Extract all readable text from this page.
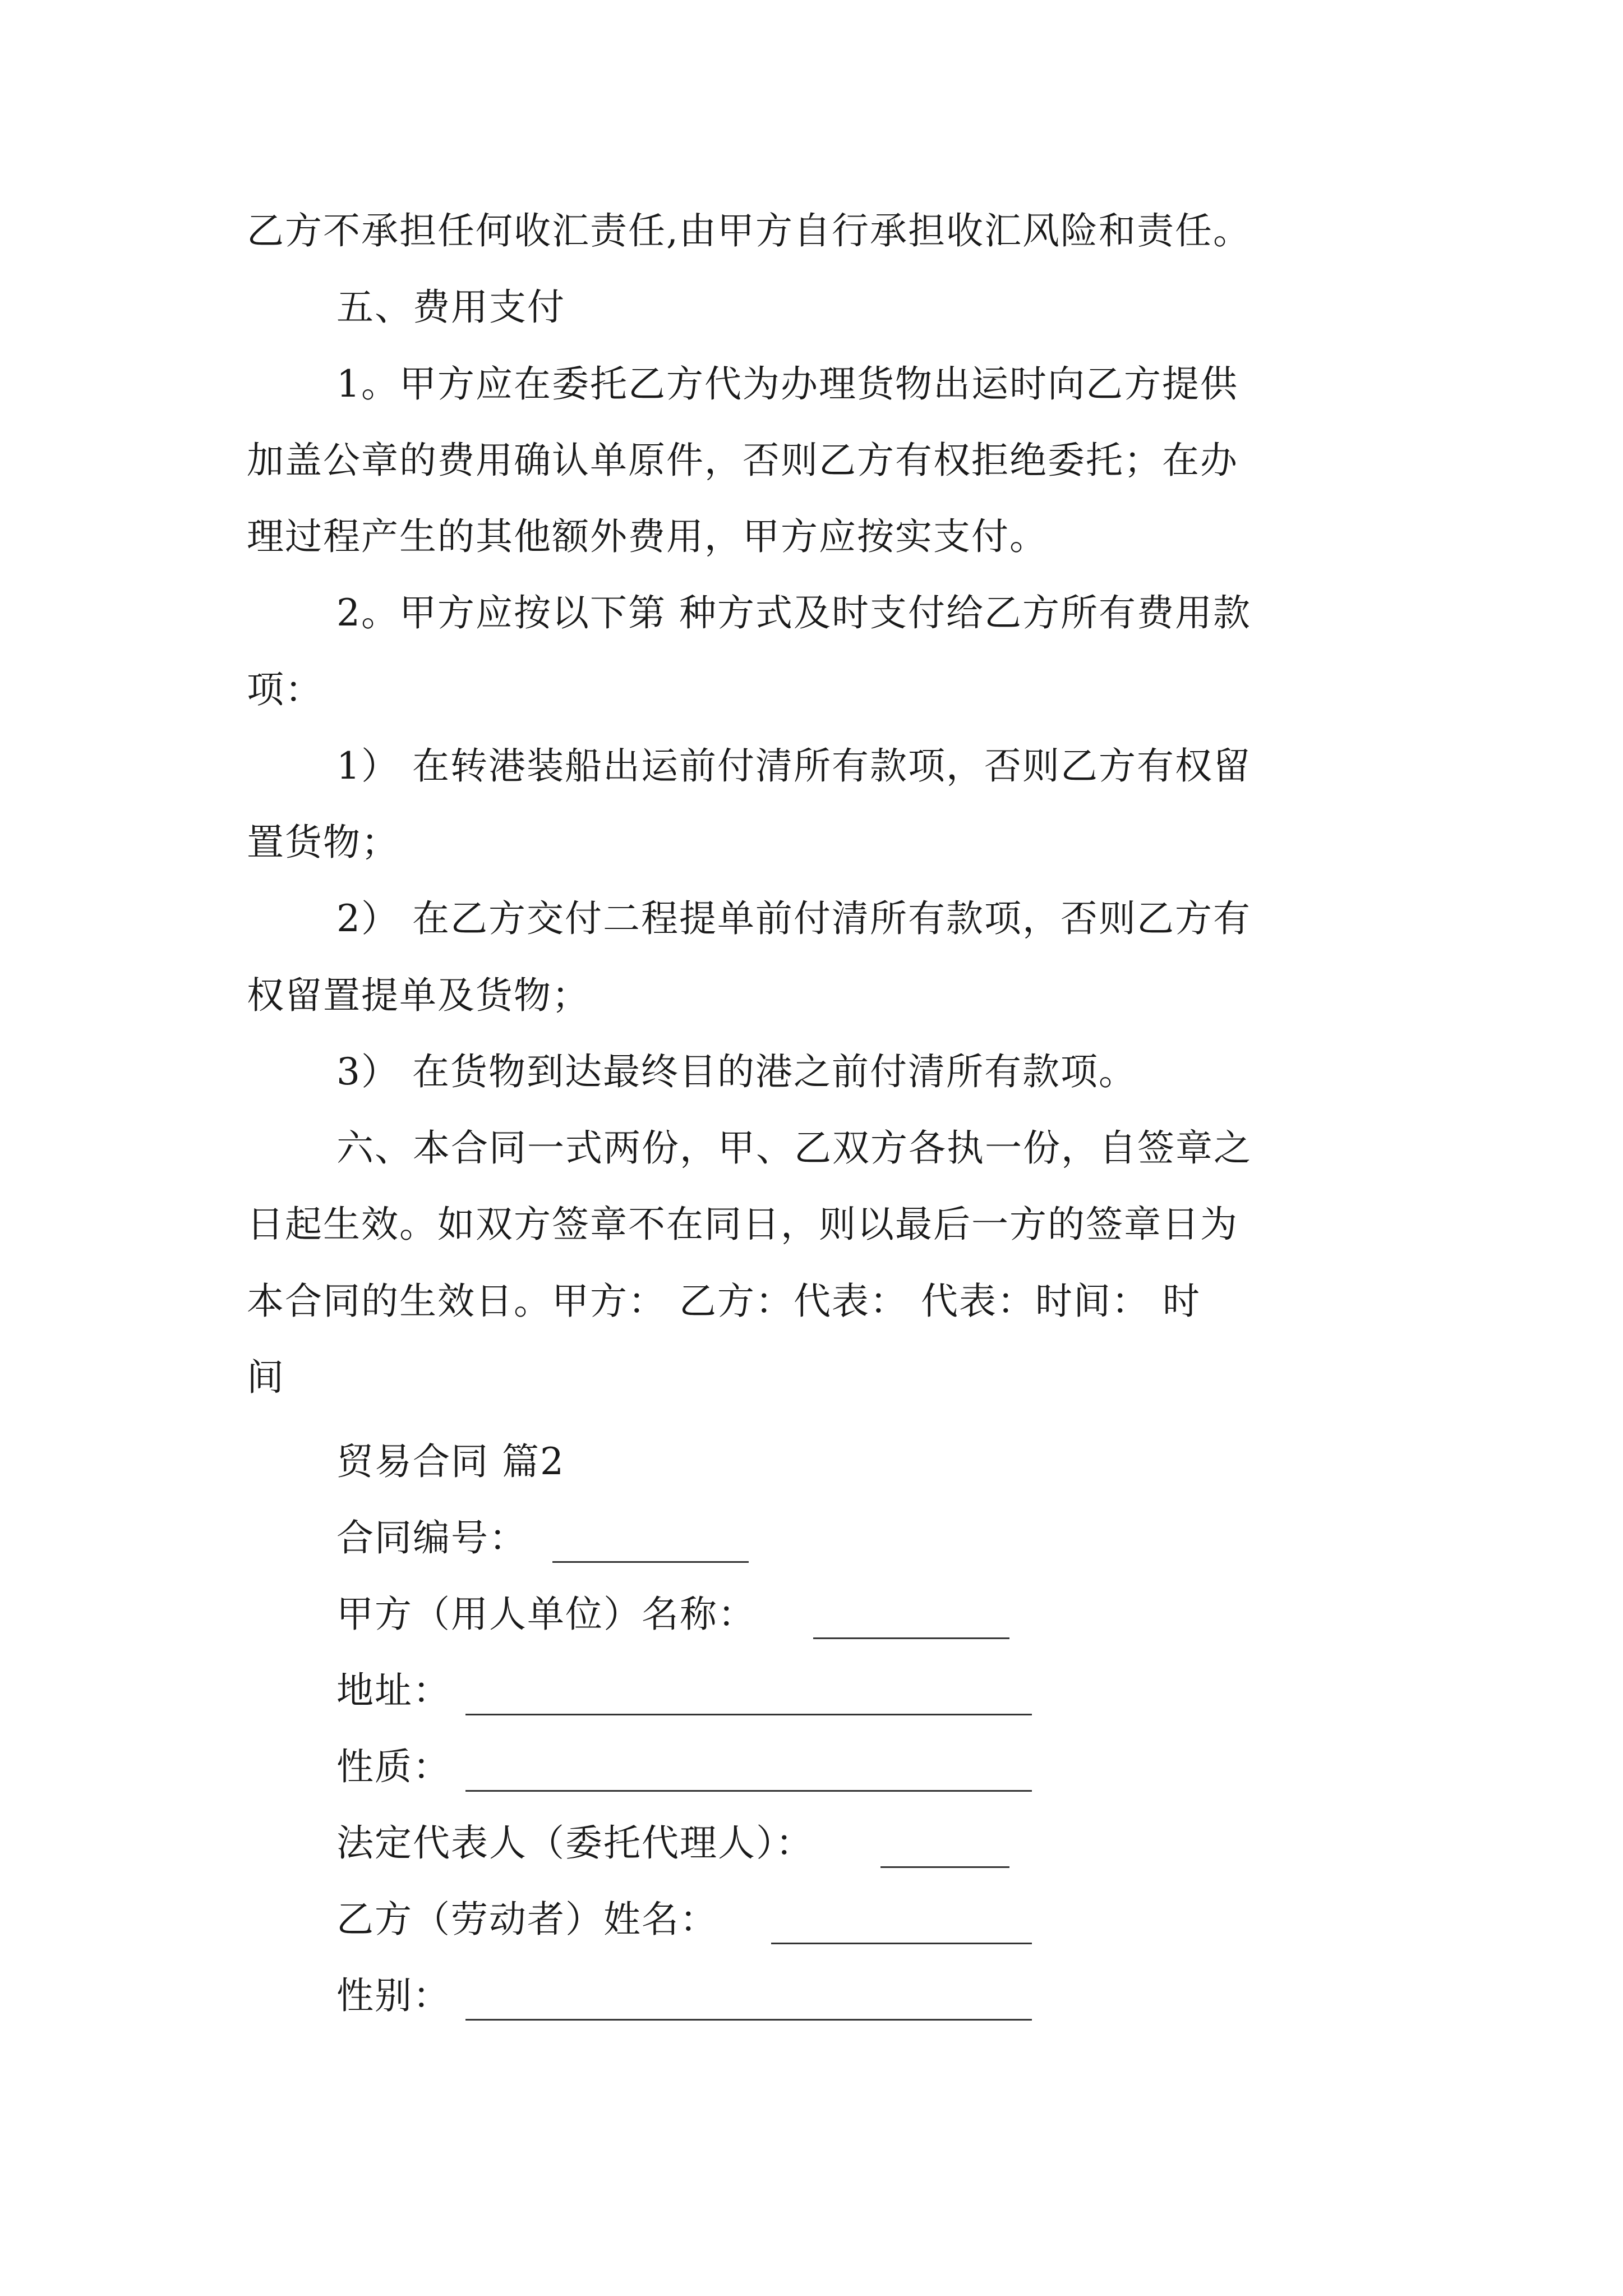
乙方不承担任何收汇责任,由甲方自行承担收汇风险和责任。
五、费用支付
1。甲方应在委托乙方代为办理货物出运时向乙方提供
加盖公章的费用确认单原件，否则乙方有权拒绝委托；在办
理过程产生的其他额外费用，甲方应按实支付。
2。甲方应按以下第 种方式及时支付给乙方所有费用款
项：
1） 在转港装船出运前付清所有款项，否则乙方有权留
置货物；
2） 在乙方交付二程提单前付清所有款项，否则乙方有
权留置提单及货物；
3） 在货物到达最终目的港之前付清所有款项。
六、本合同一式两份，甲、乙双方各执一份，自签章之
日起生效。如双方签章不在同日，则以最后一方的签章日为
本合同的生效日。甲方： 乙方：代表： 代表：时间： 时
间
贸易合同 篇2
合同编号：
甲方（用人单位）名称：
地址：
性质：
法定代表人（委托代理人）：
乙方（劳动者）姓名：
性别：
